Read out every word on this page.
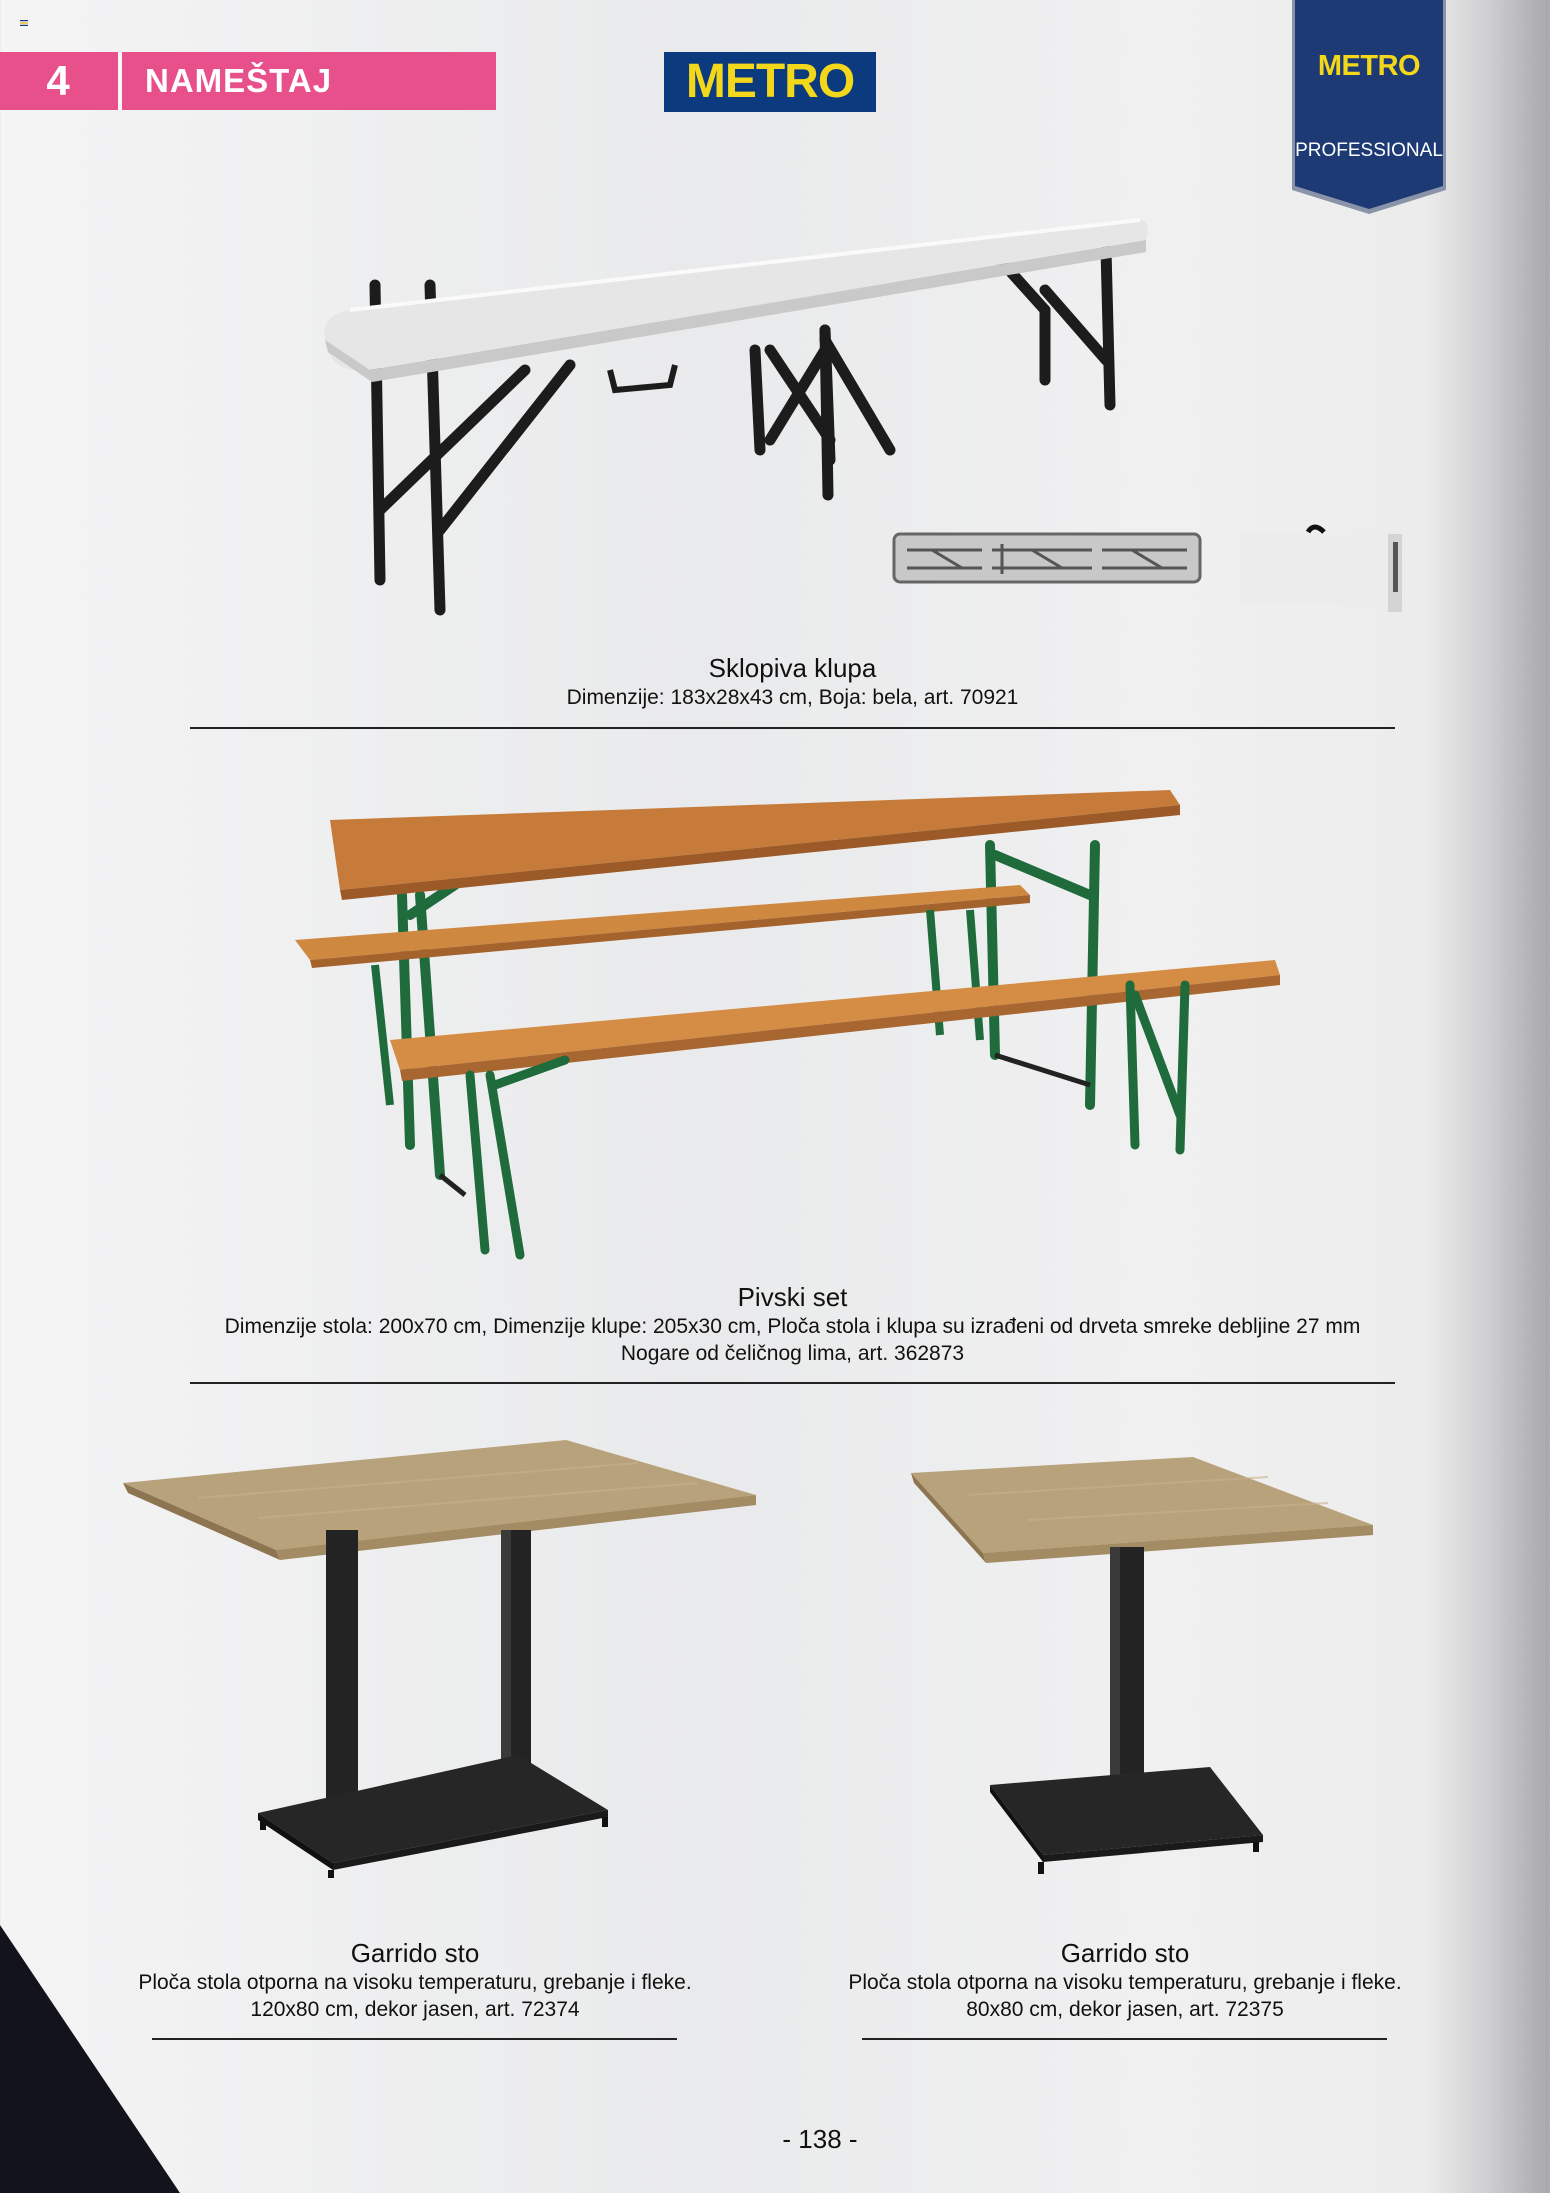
4	NAMEŠTAJ	METRO	METRO
PROFESSIONAL
Sklopiva klupa
Dimenzije: 183x28x43 cm, Boja: bela, art. 70921
Pivski set
Dimenzije stola: 200x70 cm, Dimenzije klupe: 205x30 cm, Ploča stola i klupa su izrađeni od drveta smreke debljine 27 mm
Nogare od čeličnog lima, art. 362873
Garrido sto
Ploča stola otporna na visoku temperaturu, grebanje i fleke.
120x80 cm, dekor jasen, art. 72374
Garrido sto
Ploča stola otporna na visoku temperaturu, grebanje i fleke.
80x80 cm, dekor jasen, art. 72375
- 138 -
